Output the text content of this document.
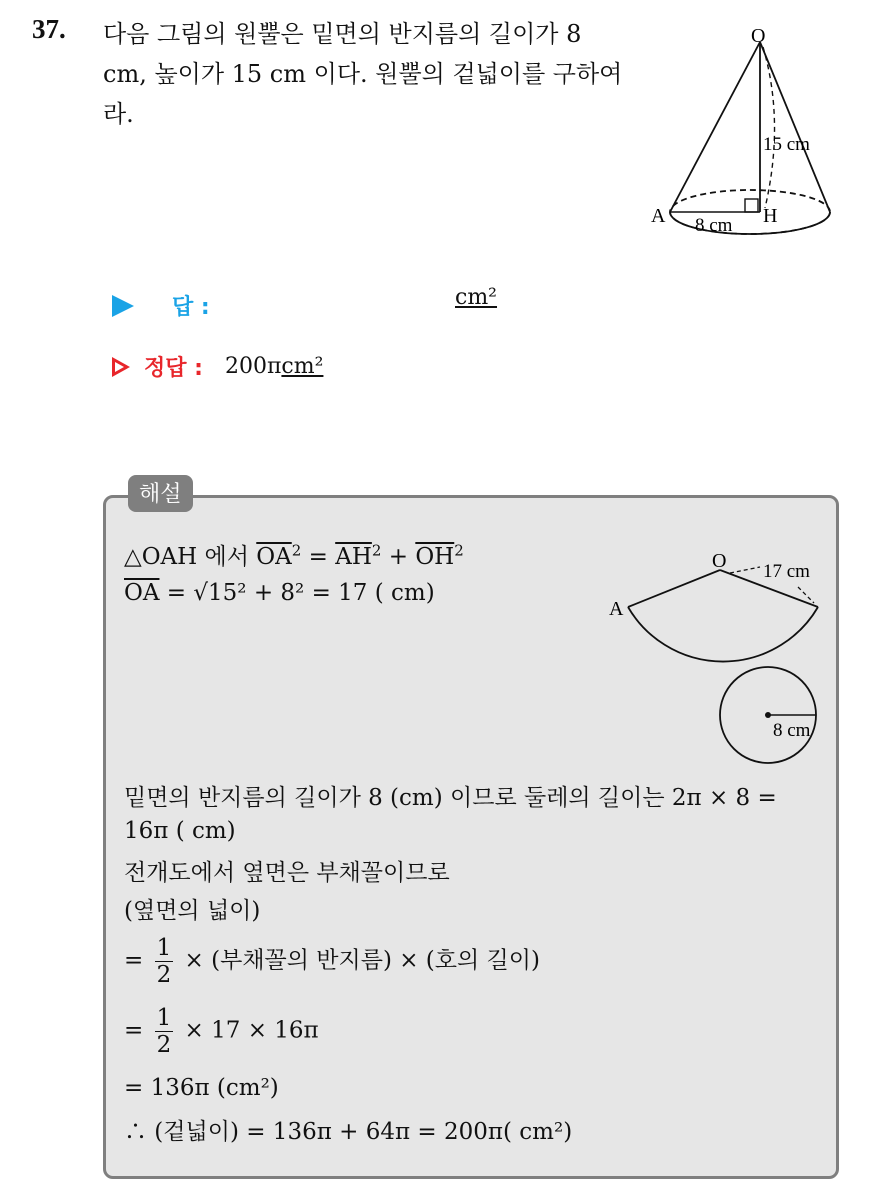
37. 다음 그림의 원뿔은 밑면의 반지름의 길이가 8 cm, 높이가 15 cm 이다. 원뿔의 겉넓이를 구하여라.
O
A	H
15 cm
8 cm
답 :	cm²
정답 : 200π cm²
해설
△OAH 에서 $\overline{OA}^2 = \overline{AH}^2 + \overline{OH}^2$
$\overline{OA} = √15^2 + 8^2 = 17$ ( cm)
O
A
17 cm
8 cm
밑면의 반지름의 길이가 8 (cm) 이므로 둘레의 길이는 2π × 8 =
16π ( cm)
전개도에서 옆면은 부채꼴이므로
(옆면의 넓이)
= $\frac{1}{2}$ × (부채꼴의 반지름) × (호의 길이)
= $\frac{1}{2} \times 17 \times 16\pi$
= 136π (cm²)
∴ (겉넓이) = 136π + 64π = 200π( cm²)
